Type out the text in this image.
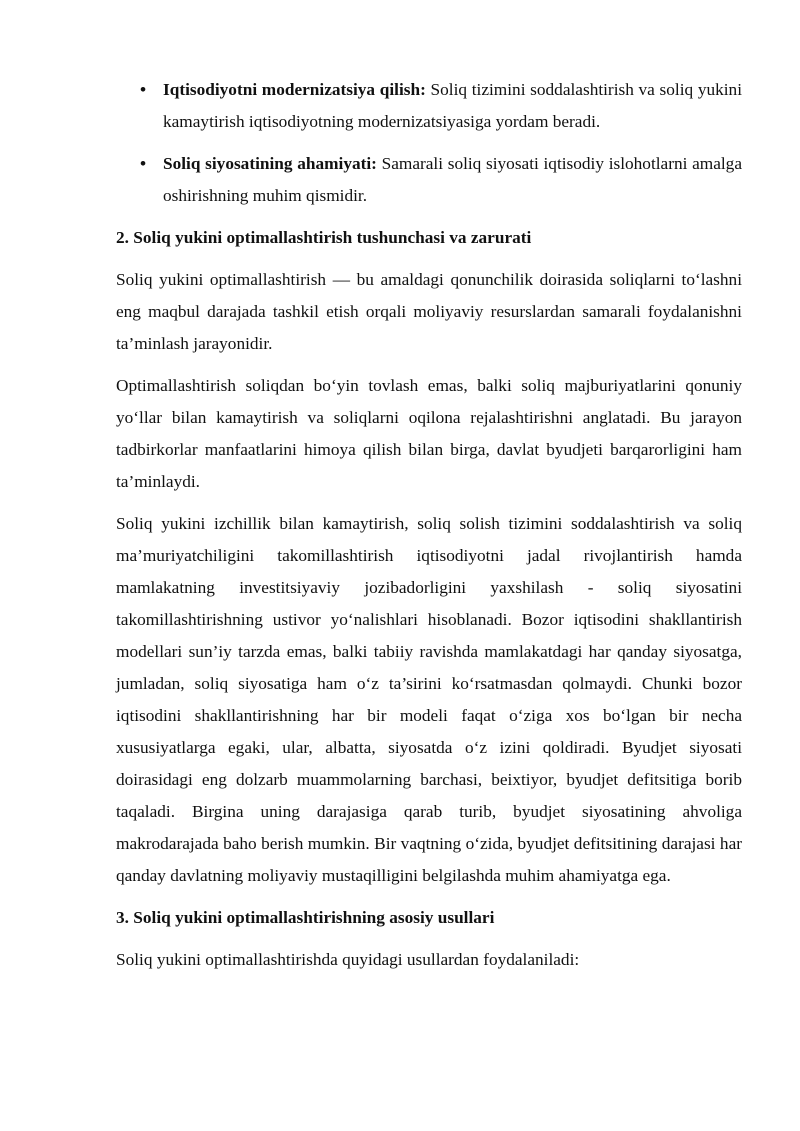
• Iqtisodiyotni modernizatsiya qilish: Soliq tizimini soddalashtirish va soliq yukini kamaytirish iqtisodiyotning modernizatsiyasiga yordam beradi.
• Soliq siyosatining ahamiyati: Samarali soliq siyosati iqtisodiy islohotlarni amalga oshirishning muhim qismidir.
2. Soliq yukini optimallashtirish tushunchasi va zarurati

Soliq yukini optimallashtirish — bu amaldagi qonunchilik doirasida soliqlarni to‘lashni eng maqbul darajada tashkil etish orqali moliyaviy resurslardan samarali foydalanishni ta’minlash jarayonidir.

Optimallashtirish soliqdan bo‘yin tovlash emas, balki soliq majburiyatlarini qonuniy yo‘llar bilan kamaytirish va soliqlarni oqilona rejalashtirishni anglatadi. Bu jarayon tadbirkorlar manfaatlarini himoya qilish bilan birga, davlat byudjeti barqarorligini ham ta’minlaydi.

Soliq yukini izchillik bilan kamaytirish, soliq solish tizimini soddalashtirish va soliq ma’muriyatchiligini takomillashtirish iqtisodiyotni jadal rivojlantirish hamda mamlakatning investitsiyaviy jozibadorligini yaxshilash - soliq siyosatini takomillashtirishning ustivor yo‘nalishlari hisoblanadi. Bozor iqtisodini shakllantirish modellari sun’iy tarzda emas, balki tabiiy ravishda mamlakatdagi har qanday siyosatga, jumladan, soliq siyosatiga ham o‘z ta’sirini ko‘rsatmasdan qolmaydi. Chunki bozor iqtisodini shakllantirishning har bir modeli faqat o‘ziga xos bo‘lgan bir necha xususiyatlarga egaki, ular, albatta, siyosatda o‘z izini qoldiradi. Byudjet siyosati doirasidagi eng dolzarb muammolarning barchasi, beixtiyor, byudjet defitsitiga borib taqaladi. Birgina uning darajasiga qarab turib, byudjet siyosatining ahvoliga makrodarajada baho berish mumkin. Bir vaqtning o‘zida, byudjet defitsitining darajasi har qanday davlatning moliyaviy mustaqilligini belgilashda muhim ahamiyatga ega.

3. Soliq yukini optimallashtirishning asosiy usullari

Soliq yukini optimallashtirishda quyidagi usullardan foydalaniladi:
